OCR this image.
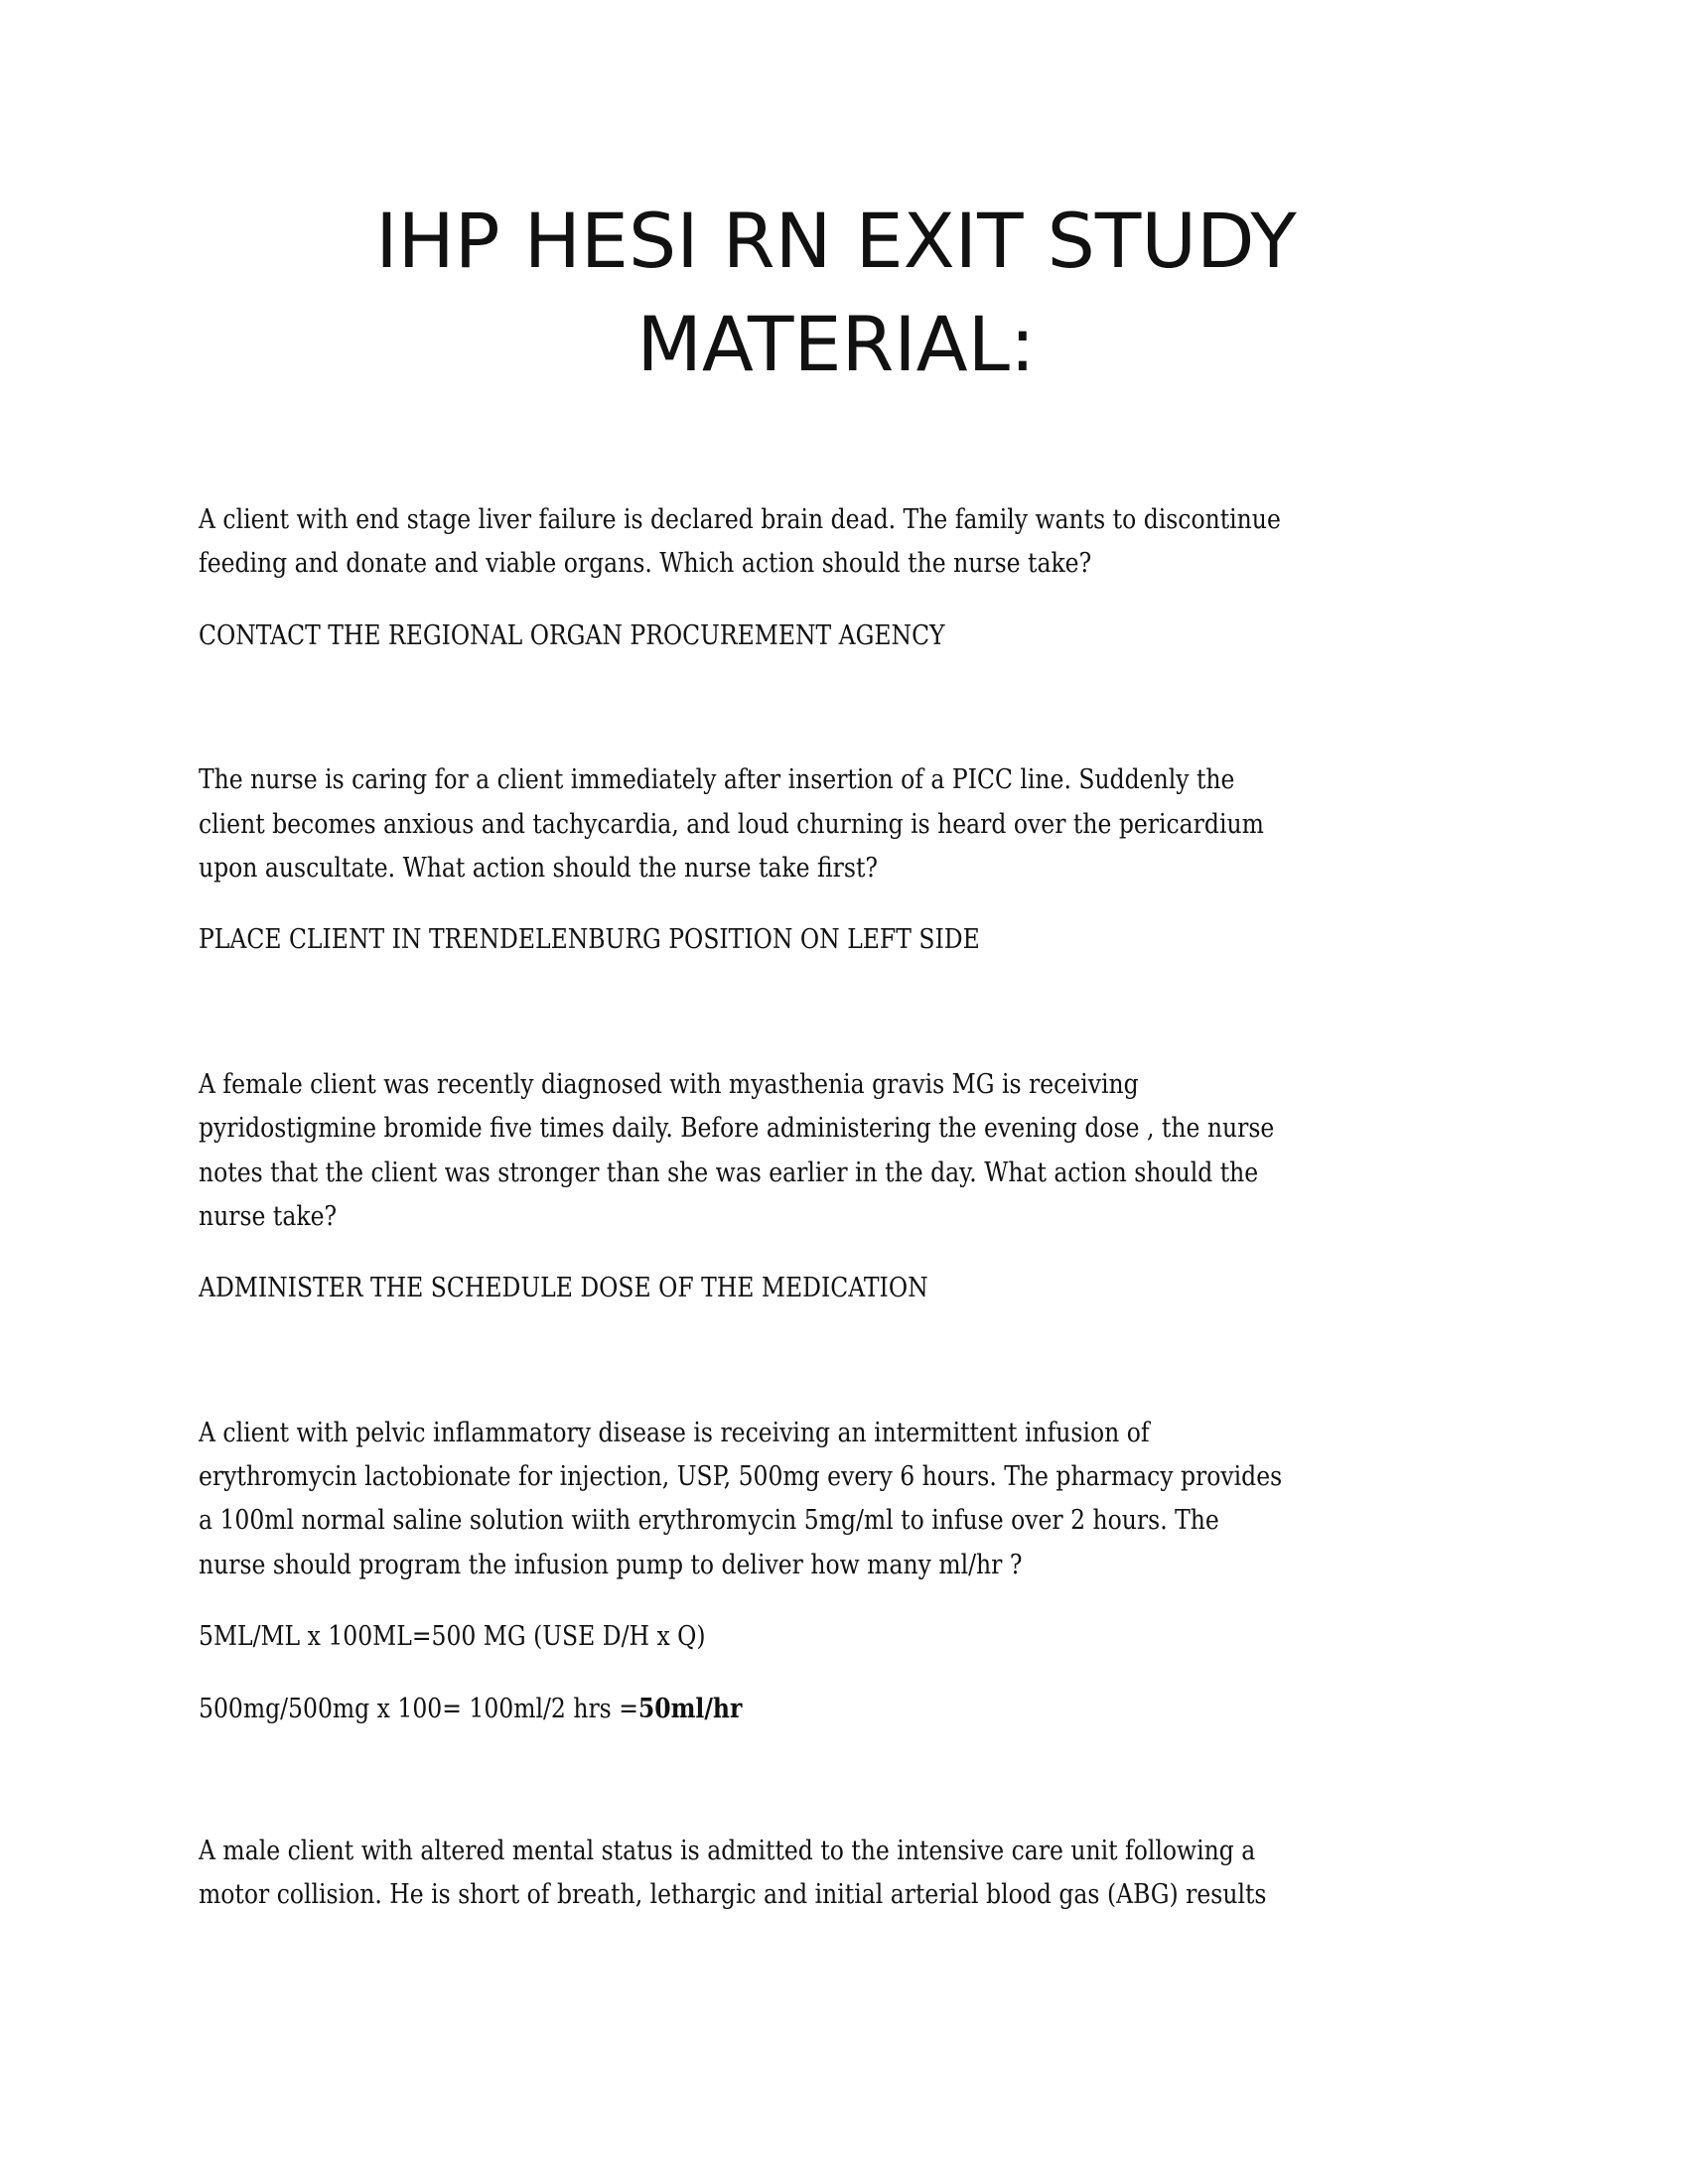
IHP HESI RN EXIT STUDY
MATERIAL:
A client with end stage liver failure is declared brain dead. The family wants to discontinue
feeding and donate and viable organs. Which action should the nurse take?
CONTACT THE REGIONAL ORGAN PROCUREMENT AGENCY
The nurse is caring for a client immediately after insertion of a PICC line. Suddenly the
client becomes anxious and tachycardia, and loud churning is heard over the pericardium
upon auscultate. What action should the nurse take first?
PLACE CLIENT IN TRENDELENBURG POSITION ON LEFT SIDE
A female client was recently diagnosed with myasthenia gravis MG is receiving
pyridostigmine bromide five times daily. Before administering the evening dose , the nurse
notes that the client was stronger than she was earlier in the day. What action should the
nurse take?
ADMINISTER THE SCHEDULE DOSE OF THE MEDICATION
A client with pelvic inflammatory disease is receiving an intermittent infusion of
erythromycin lactobionate for injection, USP, 500mg every 6 hours. The pharmacy provides
a 100ml normal saline solution wiith erythromycin 5mg/ml to infuse over 2 hours. The
nurse should program the infusion pump to deliver how many ml/hr ?
5ML/ML x 100ML=500 MG (USE D/H x Q)
500mg/500mg x 100= 100ml/2 hrs =50ml/hr
A male client with altered mental status is admitted to the intensive care unit following a
motor collision. He is short of breath, lethargic and initial arterial blood gas (ABG) results
